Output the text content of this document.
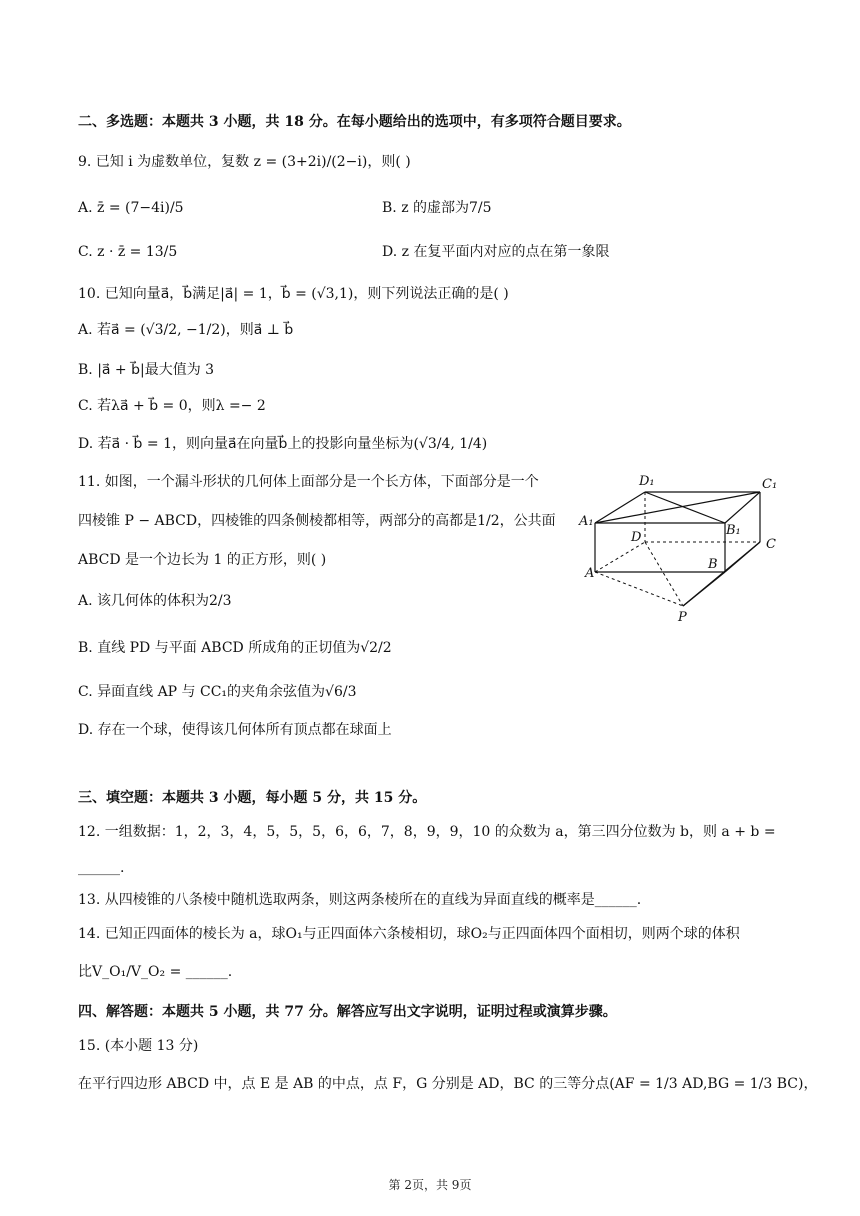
二、多选题：本题共 3 小题，共 18 分。在每小题给出的选项中，有多项符合题目要求。
9. 已知 i 为虚数单位，复数 z = (3+2i)/(2−i)，则( )
A. z̄ = (7−4i)/5	B. z 的虚部为7/5
C. z · z̄ = 13/5	D. z 在复平面内对应的点在第一象限
10. 已知向量a⃗，b⃗满足|a⃗| = 1，b⃗ = (√3,1)，则下列说法正确的是( )
A. 若a⃗ = (√3/2, −1/2)，则a⃗ ⊥ b⃗
B. |a⃗ + b⃗|最大值为 3
C. 若λa⃗ + b⃗ = 0，则λ =− 2
D. 若a⃗ · b⃗ = 1，则向量a⃗在向量b⃗上的投影向量坐标为(√3/4, 1/4)
11. 如图，一个漏斗形状的几何体上面部分是一个长方体，下面部分是一个
四棱锥 P − ABCD，四棱锥的四条侧棱都相等，两部分的高都是1/2，公共面
ABCD 是一个边长为 1 的正方形，则( )
A. 该几何体的体积为2/3
B. 直线 PD 与平面 ABCD 所成角的正切值为√2/2
C. 异面直线 AP 与 CC₁的夹角余弦值为√6/3
D. 存在一个球，使得该几何体所有顶点都在球面上
D₁	C₁
A₁
B₁
D	C
A
B
P
三、填空题：本题共 3 小题，每小题 5 分，共 15 分。
12. 一组数据：1，2，3，4，5，5，5，6，6，7，8，9，9，10 的众数为 a，第三四分位数为 b，则 a + b =
______.
13. 从四棱锥的八条棱中随机选取两条，则这两条棱所在的直线为异面直线的概率是______.
14. 已知正四面体的棱长为 a，球O₁与正四面体六条棱相切，球O₂与正四面体四个面相切，则两个球的体积
比V_O₁/V_O₂ = ______.
四、解答题：本题共 5 小题，共 77 分。解答应写出文字说明，证明过程或演算步骤。
15. (本小题 13 分)
在平行四边形 ABCD 中，点 E 是 AB 的中点，点 F，G 分别是 AD，BC 的三等分点(AF = 1/3 AD,BG = 1/3 BC)，
第 2页，共 9页
